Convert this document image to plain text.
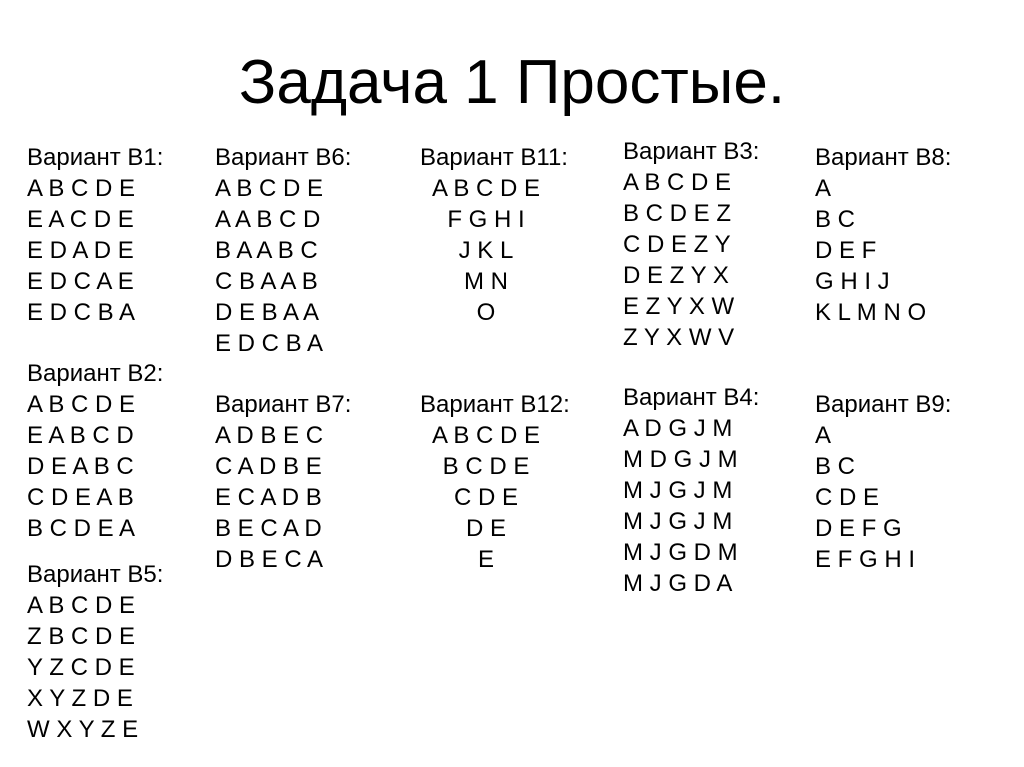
Задача 1 Простые.
Вариант В1:
A B C D E
E A C D E
E D A D E
E D C A E
E D C B A
Вариант В2:
A B C D E
E A B C D
D E A B C
C D E A B
B C D E A
Вариант В5:
A B C D E
Z B C D E
Y Z C D E
X Y Z D E
W X Y Z E
Вариант В6:
A B C D E
A A B C D
B A A B C
C B A A B
D E B A A
E D C B A
Вариант В7:
A D B E C
C A D B E
E C A D B
B E C A D
D B E C A
Вариант В11:
A B C D E
F G H I
J K L
M N
O
Вариант В12:
A B C D E
B C D E
C D E
D E
E
Вариант В3:
A B C D E
B C D E Z
C D E Z Y
D E Z Y X
E Z Y X W
Z Y X W V
Вариант В4:
A D G J M
M D G J M
M J G J M
M J G J M
M J G D M
M J G D A
Вариант В8:
A
B C
D E F
G H I J
K L M N O
Вариант В9:
A
B C
C D E
D E F G
E F G H I
